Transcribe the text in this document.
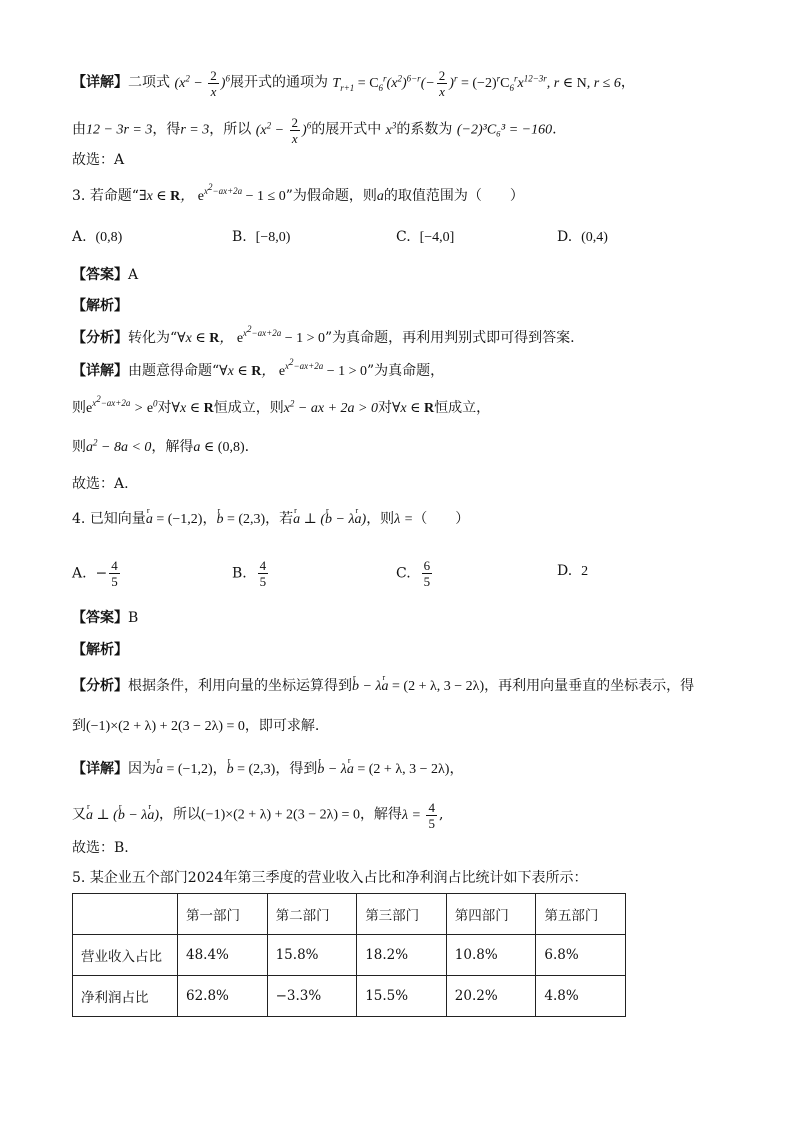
【详解】二项式 $(x^2 - \frac{2}{x} )^6$展开式的通项为 $T_{r+1} = C_6^r(x^2)^{6-r}(- \frac{2}{x} )^r = (-2)^rC_6^rx^{12-3r}$, r ∈ N, r ≤ 6，
由12 − 3r = 3，得r = 3，所以 $(x^2 - \frac{2}{x} )^6$的展开式中 $x^3$的系数为 (−2)³C₆³ = −160.
故选：A
3. 若命题“∃x ∈ R， $e^{x^2-ax+2a} - 1 \le 0$”为假命题，则a的取值范围为（　　）
A. (0,8)	B. [−8,0)	C. [−4,0]	D. (0,4)
【答案】A
【解析】
【分析】转化为“∀x ∈ R， $e^{x^2-ax+2a} - 1 > 0$”为真命题，再利用判别式即可得到答案.
【详解】由题意得命题“∀x ∈ R， $e^{x^2-ax+2a} - 1 > 0$”为真命题，
则$e^{x^2-ax+2a} > e^0$对∀x ∈ R恒成立，则$x^2$ − ax + 2a > 0对∀x ∈ R恒成立，
则$a^2 - 8a < 0$，解得a ∈ (0,8).
故选：A.
4. 已知向量r a = (−1,2)，r b = (2,3)，若r a ⊥ (r b − λr a)，则λ =（　　）
A. − $\frac{4}{5}$	B. $\frac{4}{5}$	C. $\frac{6}{5}$	D. 2
【答案】B
【解析】
【分析】根据条件，利用向量的坐标运算得到r b − λr a = (2 + λ, 3 − 2λ)，再利用向量垂直的坐标表示，得
到(−1)×(2 + λ) + 2(3 − 2λ) = 0，即可求解.
【详解】因为r a = (−1,2)，r b = (2,3)，得到r b − λr a = (2 + λ, 3 − 2λ)，
又r a ⊥ (r b − λr a)，所以(−1)×(2 + λ) + 2(3 − 2λ) = 0，解得$\lambda = \frac{4}{5}$ ,
故选：B.
5. 某企业五个部门2024年第三季度的营业收入占比和净利润占比统计如下表所示：
	第一部门	第二部门	第三部门	第四部门	第五部门
营业收入占比	48.4%	15.8%	18.2%	10.8%	6.8%
净利润占比	62.8%	−3.3%	15.5%	20.2%	4.8%
